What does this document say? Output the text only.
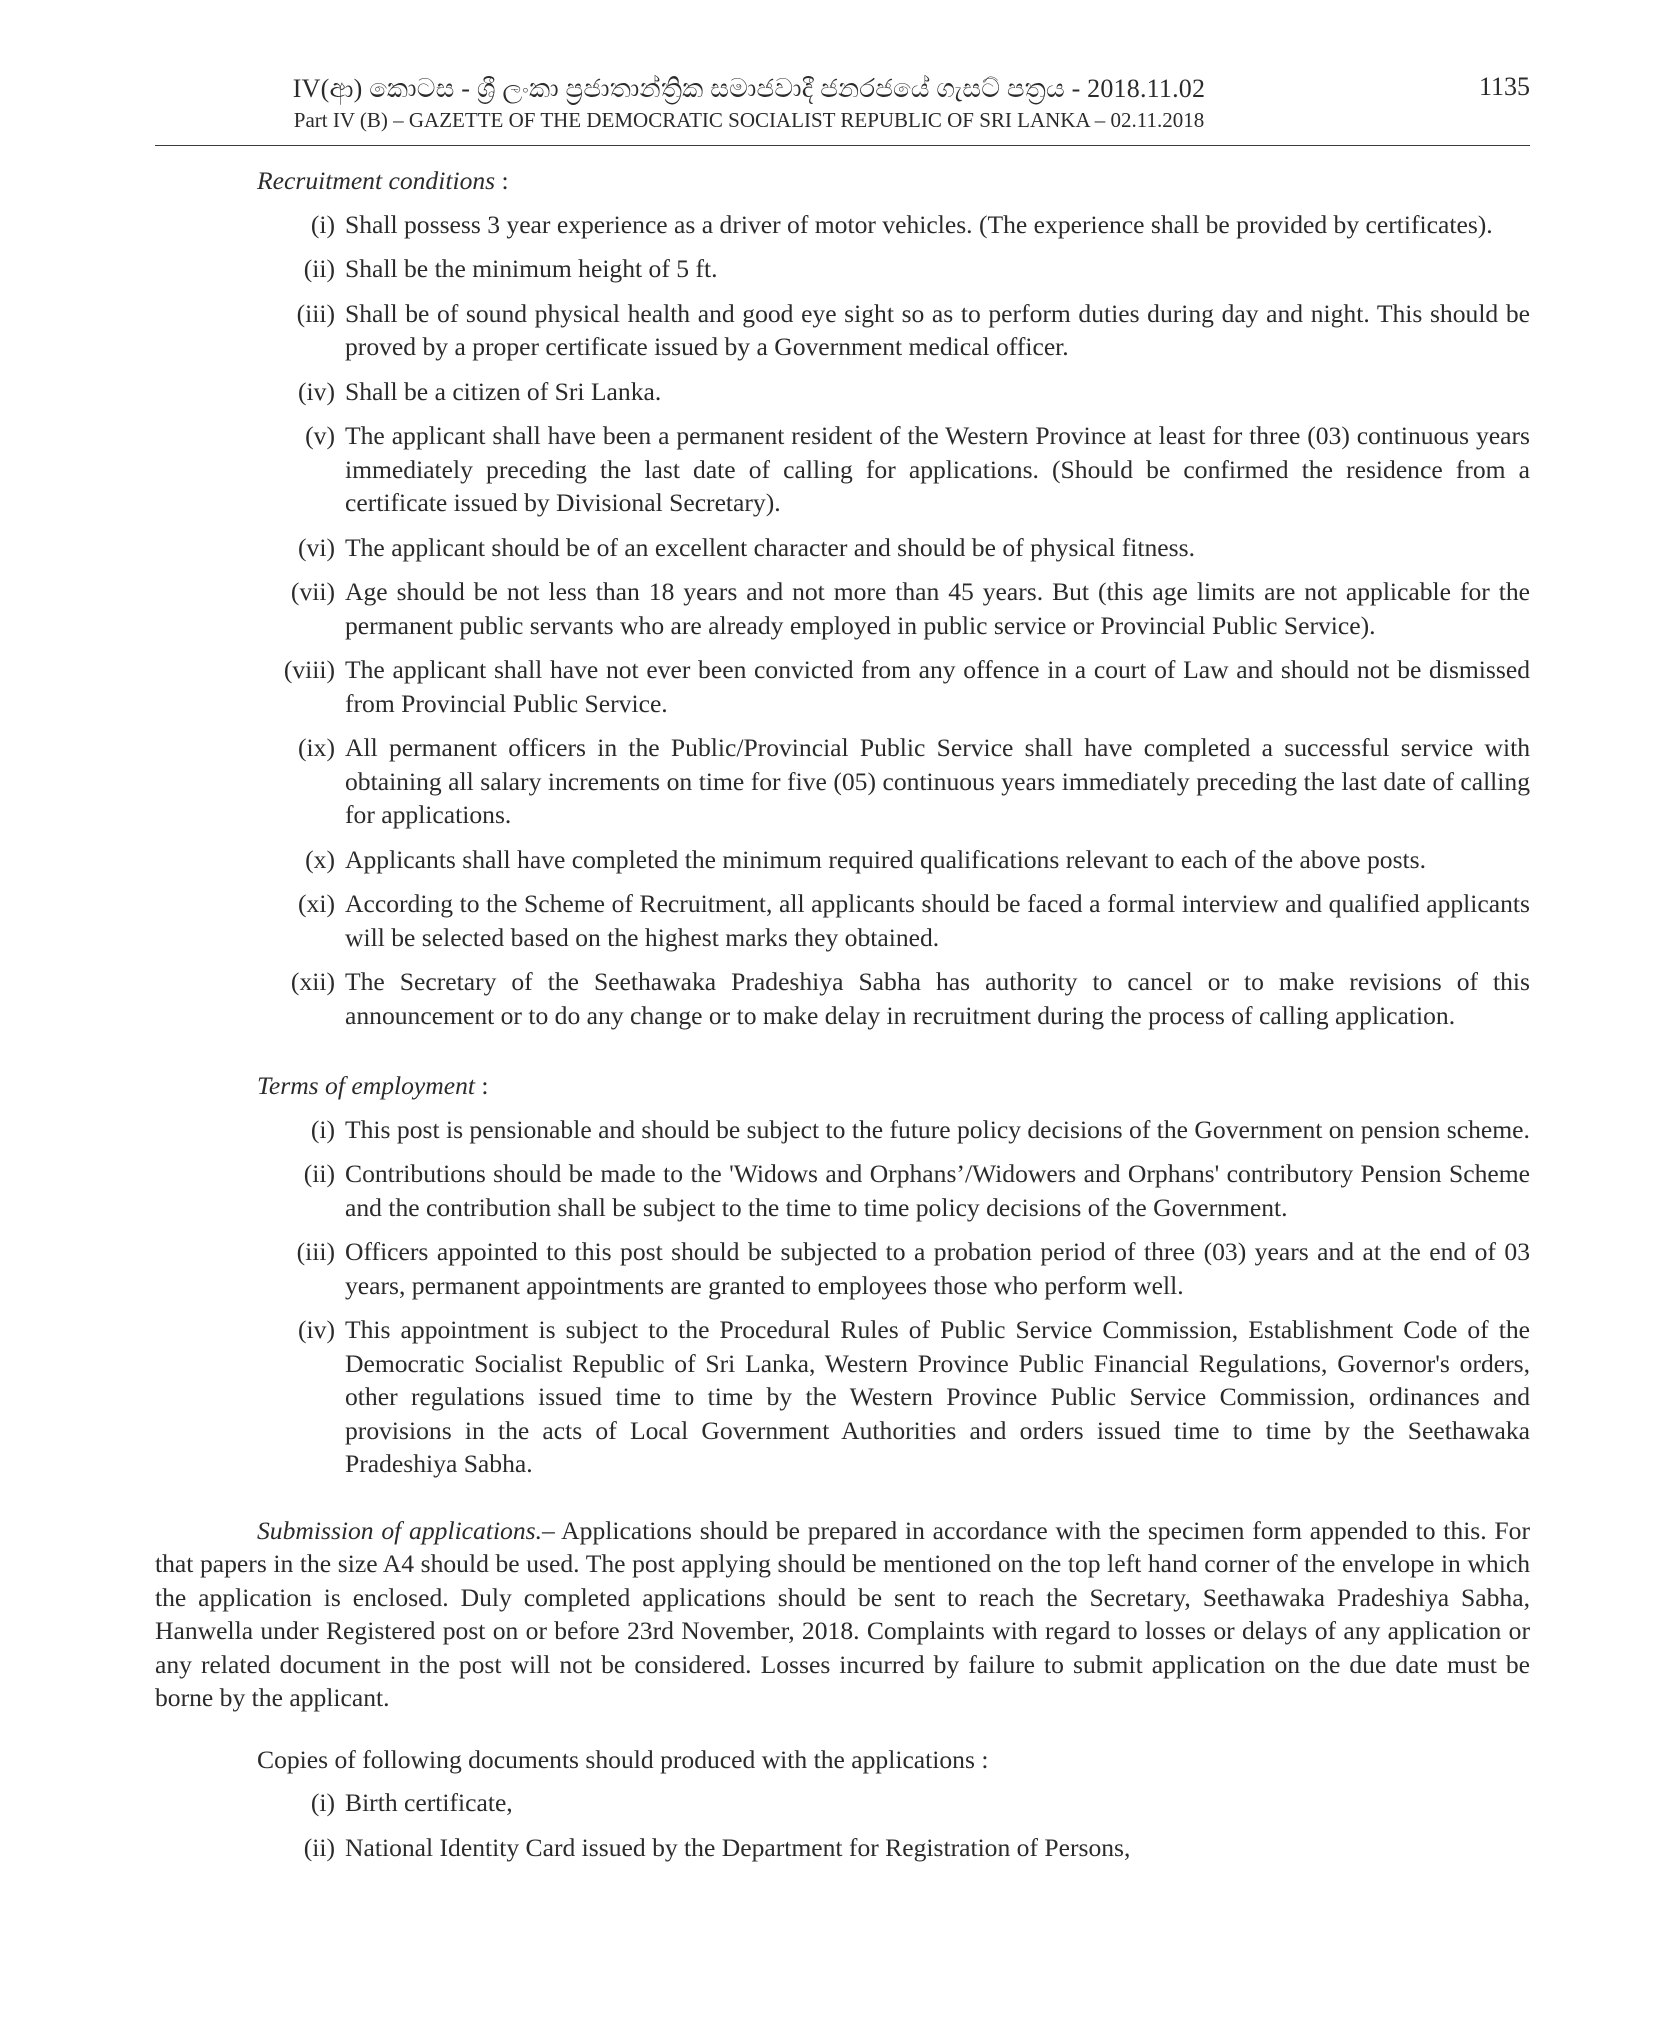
IV(ආ) කොටස - ශ්‍රී ලංකා ප්‍රජාතාන්ත්‍රික සමාජවාදී ජනරජයේ ගැසට් පත්‍රය - 2018.11.02
Part IV (B) – GAZETTE OF THE DEMOCRATIC SOCIALIST REPUBLIC OF SRI LANKA – 02.11.2018
1135
Recruitment conditions :
(i) Shall possess 3 year experience as a driver of motor vehicles. (The experience shall be provided by certificates).
(ii) Shall be the minimum height of 5 ft.
(iii) Shall be of sound physical health and good eye sight so as to perform duties during day and night. This should be proved by a proper certificate issued by a Government medical officer.
(iv) Shall be a citizen of Sri Lanka.
(v) The applicant shall have been a permanent resident of the Western Province at least for three (03) continuous years immediately preceding the last date of calling for applications. (Should be confirmed the residence from a certificate issued by Divisional Secretary).
(vi) The applicant should be of an excellent character and should be of physical fitness.
(vii) Age should be not less than 18 years and not more than 45 years. But (this age limits are not applicable for the permanent public servants who are already employed in public service or Provincial Public Service).
(viii) The applicant shall have not ever been convicted from any offence in a court of Law and should not be dismissed from Provincial Public Service.
(ix) All permanent officers in the Public/Provincial Public Service shall have completed a successful service with obtaining all salary increments on time for five (05) continuous years immediately preceding the last date of calling for applications.
(x) Applicants shall have completed the minimum required qualifications relevant to each of the above posts.
(xi) According to the Scheme of Recruitment, all applicants should be faced a formal interview and qualified applicants will be selected based on the highest marks they obtained.
(xii) The Secretary of the Seethawaka Pradeshiya Sabha has authority to cancel or to make revisions of this announcement or to do any change or to make delay in recruitment during the process of calling application.
Terms of employment :
(i) This post is pensionable and should be subject to the future policy decisions of the Government on pension scheme.
(ii) Contributions should be made to the 'Widows and Orphans’/Widowers and Orphans' contributory Pension Scheme and the contribution shall be subject to the time to time policy decisions of the Government.
(iii) Officers appointed to this post should be subjected to a probation period of three (03) years and at the end of 03 years, permanent appointments are granted to employees those who perform well.
(iv) This appointment is subject to the Procedural Rules of Public Service Commission, Establishment Code of the Democratic Socialist Republic of Sri Lanka, Western Province Public Financial Regulations, Governor's orders, other regulations issued time to time by the Western Province Public Service Commission, ordinances and provisions in the acts of Local Government Authorities and orders issued time to time by the Seethawaka Pradeshiya Sabha.

Submission of applications.– Applications should be prepared in accordance with the specimen form appended to this. For that papers in the size A4 should be used. The post applying should be mentioned on the top left hand corner of the envelope in which the application is enclosed. Duly completed applications should be sent to reach the Secretary, Seethawaka Pradeshiya Sabha, Hanwella under Registered post on or before 23rd November, 2018. Complaints with regard to losses or delays of any application or any related document in the post will not be considered. Losses incurred by failure to submit application on the due date must be borne by the applicant.

Copies of following documents should produced with the applications :
(i) Birth certificate,
(ii) National Identity Card issued by the Department for Registration of Persons,
